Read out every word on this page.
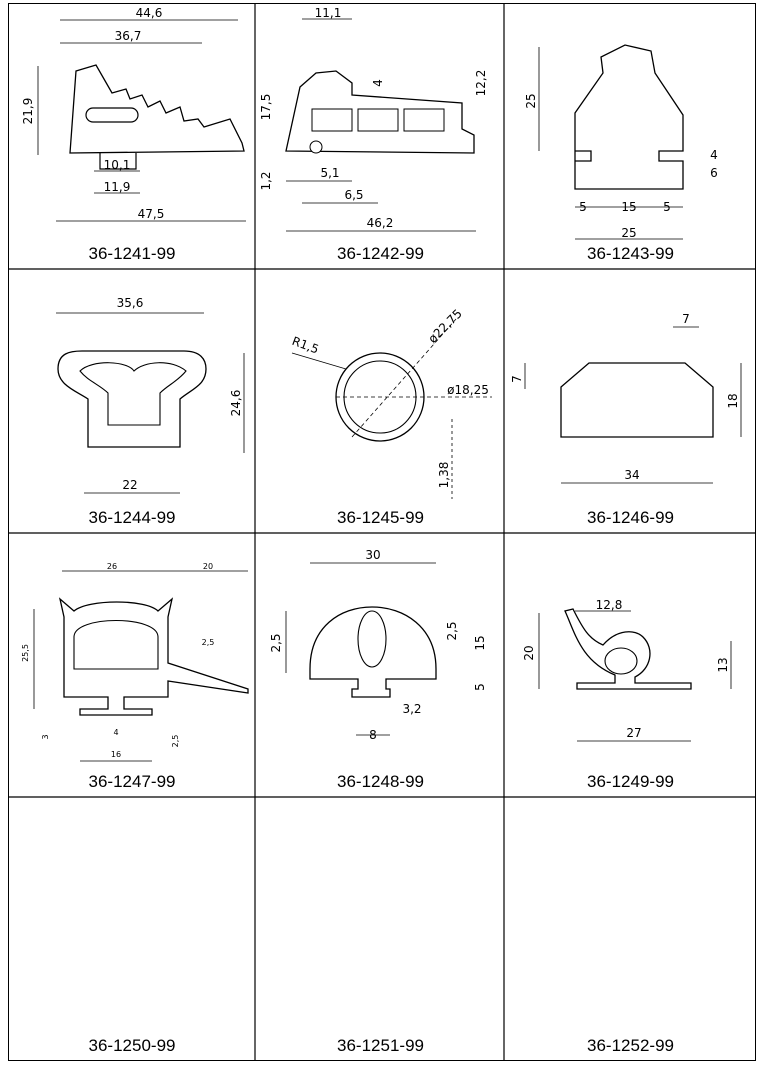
44,6
36,7
21,9
10,1
11,9
47,5
36-1241-99
11,1
4
17,5
12,2
1,2	5,1
6,5
46,2
36-1242-99
25
4
6
5	15 5
25
36-1243-99
35,6
24,6
22
36-1244-99
R1,5	ø22,75
ø18,25
1,38
36-1245-99
7
7
18
34
36-1246-99
26	20
25,5
2,5
4
3
16
2,5
36-1247-99
30
2,5
2,5
15
5
3,2
8
36-1248-99
12,8
20
13
27
36-1249-99
36-1250-99	36-1251-99	36-1252-99
